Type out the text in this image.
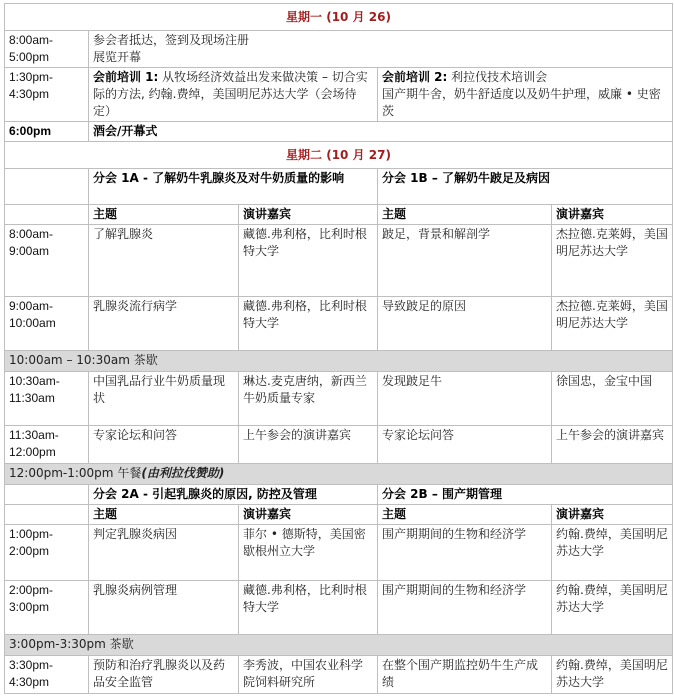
星期一 (10 月 26)				
8:00am-
5:00pm	参会者抵达，签到及现场注册
展览开幕			
1:30pm-
4:30pm	会前培训 1: 从牧场经济效益出发来做决策 – 切合实际的方法, 约翰.费绰，美国明尼苏达大学（会场待定）		会前培训 2: 利拉伐技术培训会
国产期牛舍，奶牛舒适度以及奶牛护理，威廉 • 史密茨	
6:00pm	酒会/开幕式			
星期二 (10 月 27)				
	分会 1A - 了解奶牛乳腺炎及对牛奶质量的影响		分会 1B – 了解奶牛跛足及病因	
	主题	演讲嘉宾	主题	演讲嘉宾
8:00am-
9:00am	了解乳腺炎	藏德.弗利格，比利时根特大学	跛足，背景和解剖学	杰拉德.克莱姆，美国明尼苏达大学
9:00am-
10:00am	乳腺炎流行病学	藏德.弗利格，比利时根特大学	导致跛足的原因	杰拉德.克莱姆，美国明尼苏达大学
10:00am – 10:30am 茶歇				
10:30am-
11:30am	中国乳品行业牛奶质量现状	琳达.麦克唐纳，新西兰牛奶质量专家	发现跛足牛	徐国忠，金宝中国
11:30am-
12:00pm	专家论坛和问答	上午参会的演讲嘉宾	专家论坛问答	上午参会的演讲嘉宾
12:00pm-1:00pm 午餐(由利拉伐赞助)				
	分会 2A - 引起乳腺炎的原因, 防控及管理		分会 2B – 围产期管理	
	主题	演讲嘉宾	主题	演讲嘉宾
1:00pm-
2:00pm	判定乳腺炎病因	菲尔 • 德斯特，美国密歇根州立大学	围产期期间的生物和经济学	约翰.费绰，美国明尼苏达大学
2:00pm-
3:00pm	乳腺炎病例管理	藏德.弗利格，比利时根特大学	围产期期间的生物和经济学	约翰.费绰，美国明尼苏达大学
3:00pm-3:30pm 茶歇				
3:30pm-
4:30pm	预防和治疗乳腺炎以及药品安全监管	李秀波，中国农业科学院饲料研究所	在整个围产期监控奶牛生产成绩	约翰.费绰，美国明尼苏达大学
